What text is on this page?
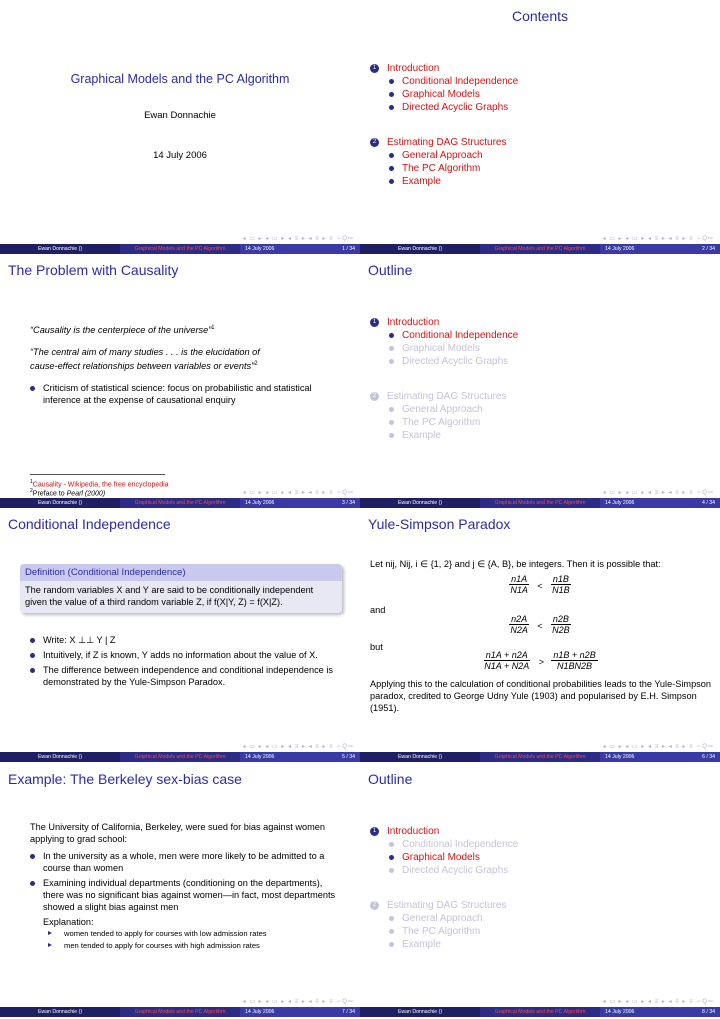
Graphical Models and the PC Algorithm
Ewan Donnachie
14 July 2006
◂ ▭ ▸ ◂ ▭ ▸ ◂ ≡ ▸ ◂ ≡ ▸ ≡ ∽Q∾
Ewan Donnachie ()	Graphical Models and the PC Algorithm	14 July 2006	1 / 34
Contents
1 Introduction
Conditional Independence
Graphical Models
Directed Acyclic Graphs
2 Estimating DAG Structures
General Approach
The PC Algorithm
Example
◂ ▭ ▸ ◂ ▭ ▸ ◂ ≡ ▸ ◂ ≡ ▸ ≡ ∽Q∾
Ewan Donnachie ()	Graphical Models and the PC Algorithm	14 July 2006	2 / 34
The Problem with Causality
“Causality is the centerpiece of the universe”$^1$
“The central aim of many studies . . . is the elucidation of
cause-effect relationships between variables or events”$^2$
Criticism of statistical science: focus on probabilistic and statistical inference at the expense of causational enquiry
$^1$Causality - Wikipedia, the free encyclopedia
$^2$Preface to Pearl (2000)	◂ ▭ ▸ ◂ ▭ ▸ ◂ ≡ ▸ ◂ ≡ ▸ ≡ ∽Q∾
Ewan Donnachie ()	Graphical Models and the PC Algorithm	14 July 2006	3 / 34
Outline
1 Introduction
Conditional Independence
Graphical Models
Directed Acyclic Graphs
2 Estimating DAG Structures
General Approach
The PC Algorithm
Example
◂ ▭ ▸ ◂ ▭ ▸ ◂ ≡ ▸ ◂ ≡ ▸ ≡ ∽Q∾
Ewan Donnachie ()	Graphical Models and the PC Algorithm	14 July 2006	4 / 34
Conditional Independence
Definition (Conditional Independence)
The random variables X and Y are said to be conditionally independent given the value of a third random variable Z, if f(X|Y, Z) = f(X|Z).
Write: X ⊥⊥ Y | Z
Intuitively, if Z is known, Y adds no information about the value of X.
The difference between independence and conditional independence is demonstrated by the Yule-Simpson Paradox.
◂ ▭ ▸ ◂ ▭ ▸ ◂ ≡ ▸ ◂ ≡ ▸ ≡ ∽Q∾
Ewan Donnachie ()	Graphical Models and the PC Algorithm	14 July 2006	5 / 34
Yule-Simpson Paradox
Let nij, Nij, i ∈ {1, 2} and j ∈ {A, B}, be integers. Then it is possible that:
$\frac{n1A}{N1A} < \frac{n1B}{N1B}$
and
$\frac{n2A}{N2A} < \frac{n2B}{N2B}$
but
$\frac{n1A + n2A}{N1A + N2A} > \frac{n1B + n2B}{N1BN2B}$
Applying this to the calculation of conditional probabilities leads to the Yule-Simpson paradox, credited to George Udny Yule (1903) and popularised by E.H. Simpson (1951).
◂ ▭ ▸ ◂ ▭ ▸ ◂ ≡ ▸ ◂ ≡ ▸ ≡ ∽Q∾
Ewan Donnachie ()	Graphical Models and the PC Algorithm	14 July 2006	6 / 34
Example: The Berkeley sex-bias case
The University of California, Berkeley, were sued for bias against women applying to grad school:
In the university as a whole, men were more likely to be admitted to a course than women
Examining individual departments (conditioning on the departments), there was no significant bias against women—in fact, most departments showed a slight bias against men
Explanation:
women tended to apply for courses with low admission rates
men tended to apply for courses with high admission rates
◂ ▭ ▸ ◂ ▭ ▸ ◂ ≡ ▸ ◂ ≡ ▸ ≡ ∽Q∾
Ewan Donnachie ()	Graphical Models and the PC Algorithm	14 July 2006	7 / 34
Outline
1 Introduction
Conditional Independence
Graphical Models
Directed Acyclic Graphs
2 Estimating DAG Structures
General Approach
The PC Algorithm
Example
◂ ▭ ▸ ◂ ▭ ▸ ◂ ≡ ▸ ◂ ≡ ▸ ≡ ∽Q∾
Ewan Donnachie ()	Graphical Models and the PC Algorithm	14 July 2006	8 / 34
